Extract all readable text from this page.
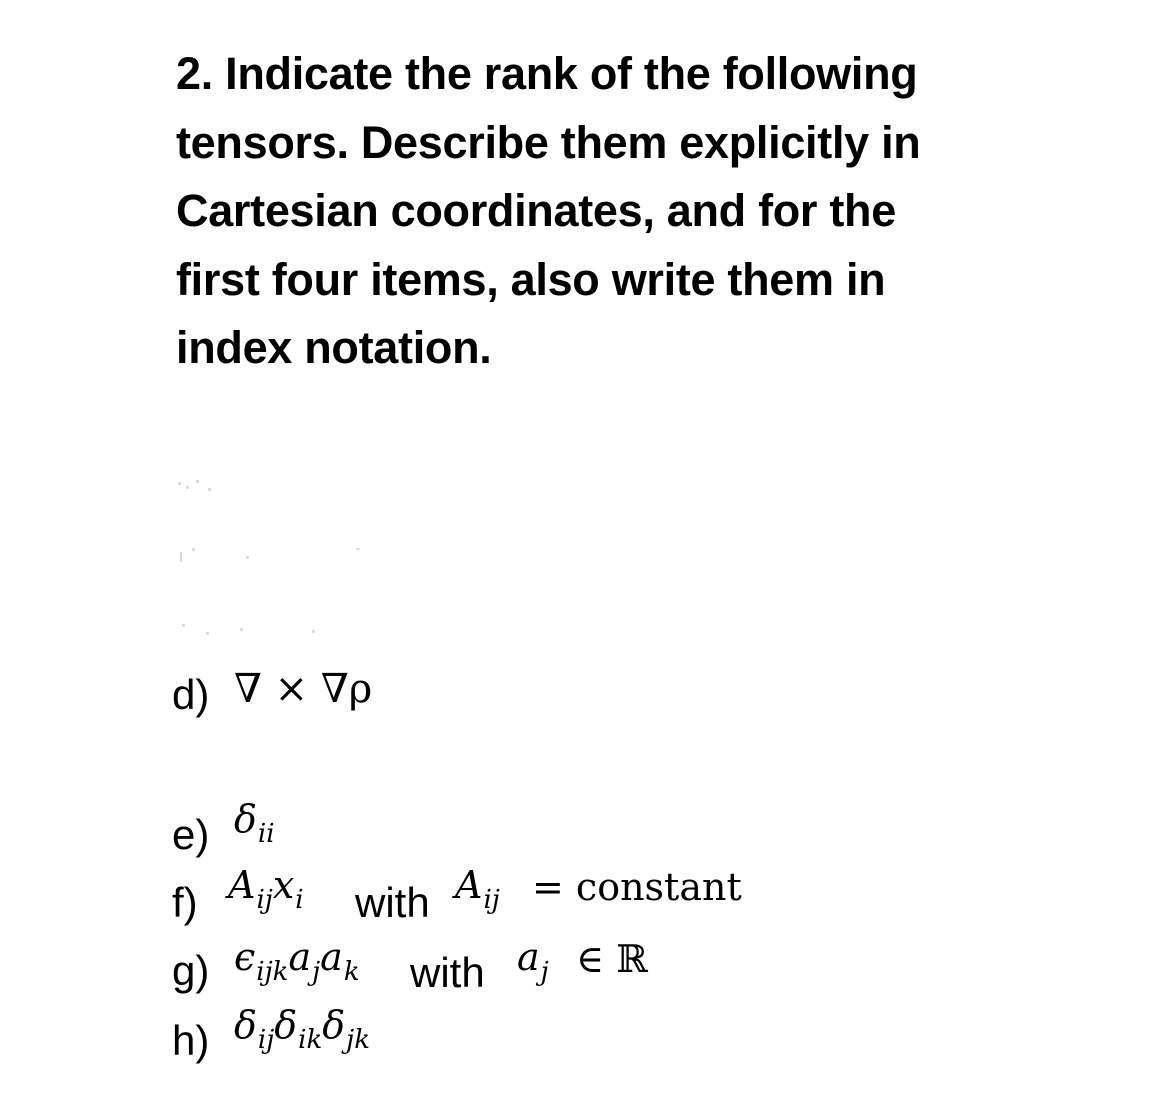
2. Indicate the rank of the following
tensors. Describe them explicitly in
Cartesian coordinates, and for the
first four items, also write them in
index notation.
d) ∇ × ∇ρ
e) $\delta_{ii}$
f) $A_{ij}x_i$ with $A_{ij}$ = constant
g) $\epsilon_{ijk}a_ja_k$ with $a_j$ ∈ ℝ
h) $\delta_{ij}\delta_{ik}\delta_{jk}$
